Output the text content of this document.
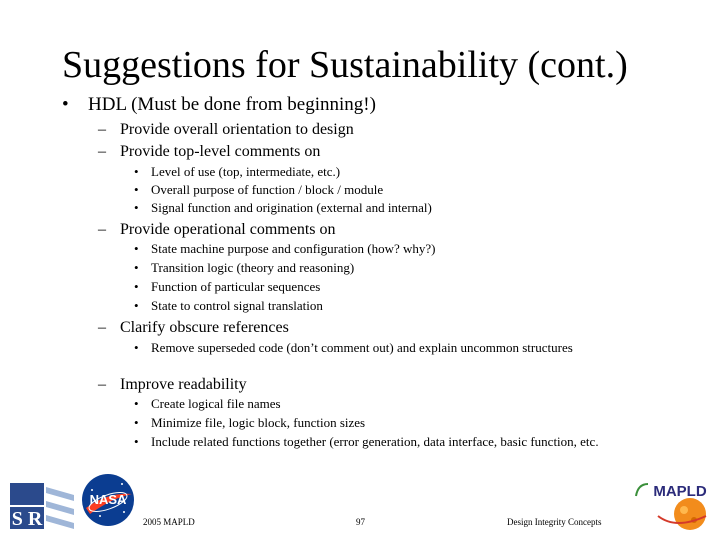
Suggestions for Sustainability (cont.)
• HDL (Must be done from beginning!)
– Provide overall orientation to design
– Provide top-level comments on
• Level of use (top, intermediate, etc.)
• Overall purpose of function / block / module
• Signal function and origination (external and internal)
– Provide operational comments on
• State machine purpose and configuration (how? why?)
• Transition logic (theory and reasoning)
• Function of particular sequences
• State to control signal translation
– Clarify obscure references
• Remove superseded code (don’t comment out) and explain uncommon structures
– Improve readability
• Create logical file names
• Minimize file, logic block, function sizes
• Include related functions together (error generation, data interface, basic function, etc.
S R
NASA	MAPLD
2005 MAPLD	97	Design Integrity Concepts
